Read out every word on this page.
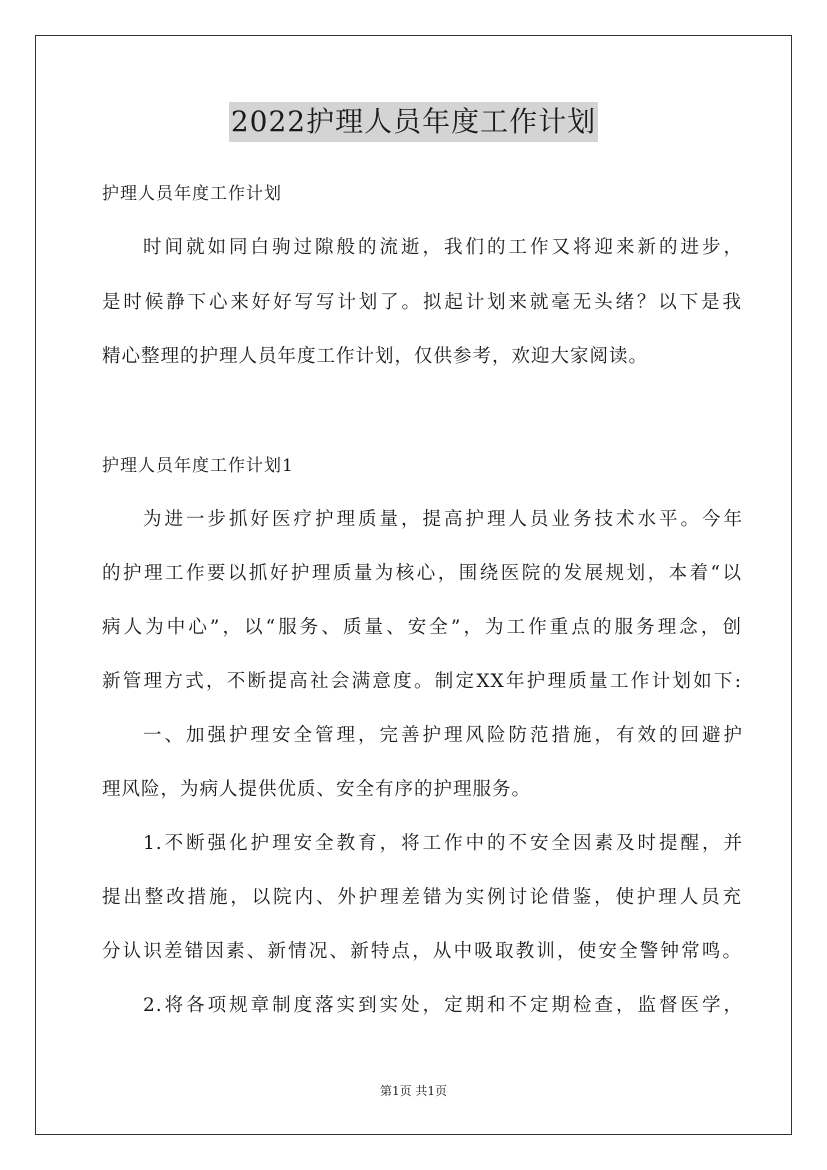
2022护理人员年度工作计划
护理人员年度工作计划
时间就如同白驹过隙般的流逝，我们的工作又将迎来新的进步，
是时候静下心来好好写写计划了。拟起计划来就毫无头绪？以下是我
精心整理的护理人员年度工作计划，仅供参考，欢迎大家阅读。
护理人员年度工作计划1
为进一步抓好医疗护理质量，提高护理人员业务技术水平。今年
的护理工作要以抓好护理质量为核心，围绕医院的发展规划，本着“以
病人为中心”，以“服务、质量、安全”，为工作重点的服务理念，创
新管理方式，不断提高社会满意度。制定XX年护理质量工作计划如下:
一、加强护理安全管理，完善护理风险防范措施，有效的回避护
理风险，为病人提供优质、安全有序的护理服务。
1.不断强化护理安全教育，将工作中的不安全因素及时提醒，并
提出整改措施，以院内、外护理差错为实例讨论借鉴，使护理人员充
分认识差错因素、新情况、新特点，从中吸取教训，使安全警钟常鸣。
2.将各项规章制度落实到实处，定期和不定期检查，监督医学，
第1页 共1页
